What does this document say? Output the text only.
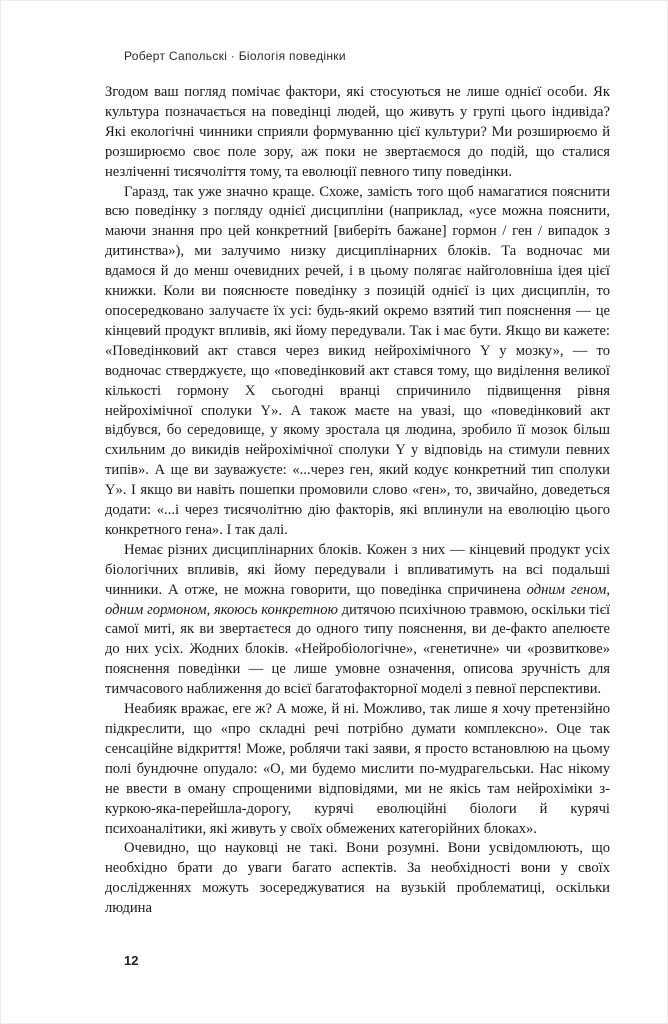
Роберт Сапольскі · Біологія поведінки

Згодом ваш погляд помічає фактори, які стосуються не лише однієї особи. Як культура позначається на поведінці людей, що живуть у групі цього індивіда? Які екологічні чинники сприяли формуванню цієї культури? Ми розширюємо й розширюємо своє поле зору, аж поки не звертаємося до подій, що сталися незліченні тисячоліття тому, та еволюції певного типу поведінки.

Гаразд, так уже значно краще. Схоже, замість того щоб намагатися пояснити всю поведінку з погляду однієї дисципліни (наприклад, «усе можна пояснити, маючи знання про цей конкретний [виберіть бажане] гормон / ген / випадок з дитинства»), ми залучимо низку дисциплінарних блоків. Та водночас ми вдамося й до менш очевидних речей, і в цьому полягає найголовніша ідея цієї книжки. Коли ви пояснюєте поведінку з позицій однієї із цих дисциплін, то опосередковано залучаєте їх усі: будь-який окремо взятий тип пояснення — це кінцевий продукт впливів, які йому передували. Так і має бути. Якщо ви кажете: «Поведінковий акт стався через викид нейрохімічного Y у мозку», — то водночас стверджуєте, що «поведінковий акт стався тому, що виділення великої кількості гормону X сьогодні вранці спричинило підвищення рівня нейрохімічної сполуки Y». А також маєте на увазі, що «поведінковий акт відбувся, бо середовище, у якому зростала ця людина, зробило її мозок більш схильним до викидів нейрохімічної сполуки Y у відповідь на стимули певних типів». А ще ви зауважуєте: «...через ген, який кодує конкретний тип сполуки Y». І якщо ви навіть пошепки промовили слово «ген», то, звичайно, доведеться додати: «...і через тисячолітню дію факторів, які вплинули на еволюцію цього конкретного гена». І так далі.

Немає різних дисциплінарних блоків. Кожен з них — кінцевий продукт усіх біологічних впливів, які йому передували і впливатимуть на всі подальші чинники. А отже, не можна говорити, що поведінка спричинена одним геном, одним гормоном, якоюсь конкретною дитячою психічною травмою, оскільки тієї самої миті, як ви звертаєтеся до одного типу пояснення, ви де-факто апелюєте до них усіх. Жодних блоків. «Нейробіологічне», «генетичне» чи «розвиткове» пояснення поведінки — це лише умовне означення, описова зручність для тимчасового наближення до всієї багатофакторної моделі з певної перспективи.

Неабияк вражає, еге ж? А може, й ні. Можливо, так лише я хочу претензійно підкреслити, що «про складні речі потрібно думати комплексно». Оце так сенсаційне відкриття! Може, роблячи такі заяви, я просто встановлюю на цьому полі бундючне опудало: «О, ми будемо мислити по-мудрагельськи. Нас нікому не ввести в оману спрощеними відповідями, ми не якісь там нейрохіміки з-куркою-яка-перейшла-дорогу, курячі еволюційні біологи й курячі психоаналітики, які живуть у своїх обмежених категорійних блоках».

Очевидно, що науковці не такі. Вони розумні. Вони усвідомлюють, що необхідно брати до уваги багато аспектів. За необхідності вони у своїх дослідженнях можуть зосереджуватися на вузькій проблематиці, оскільки людина

12
